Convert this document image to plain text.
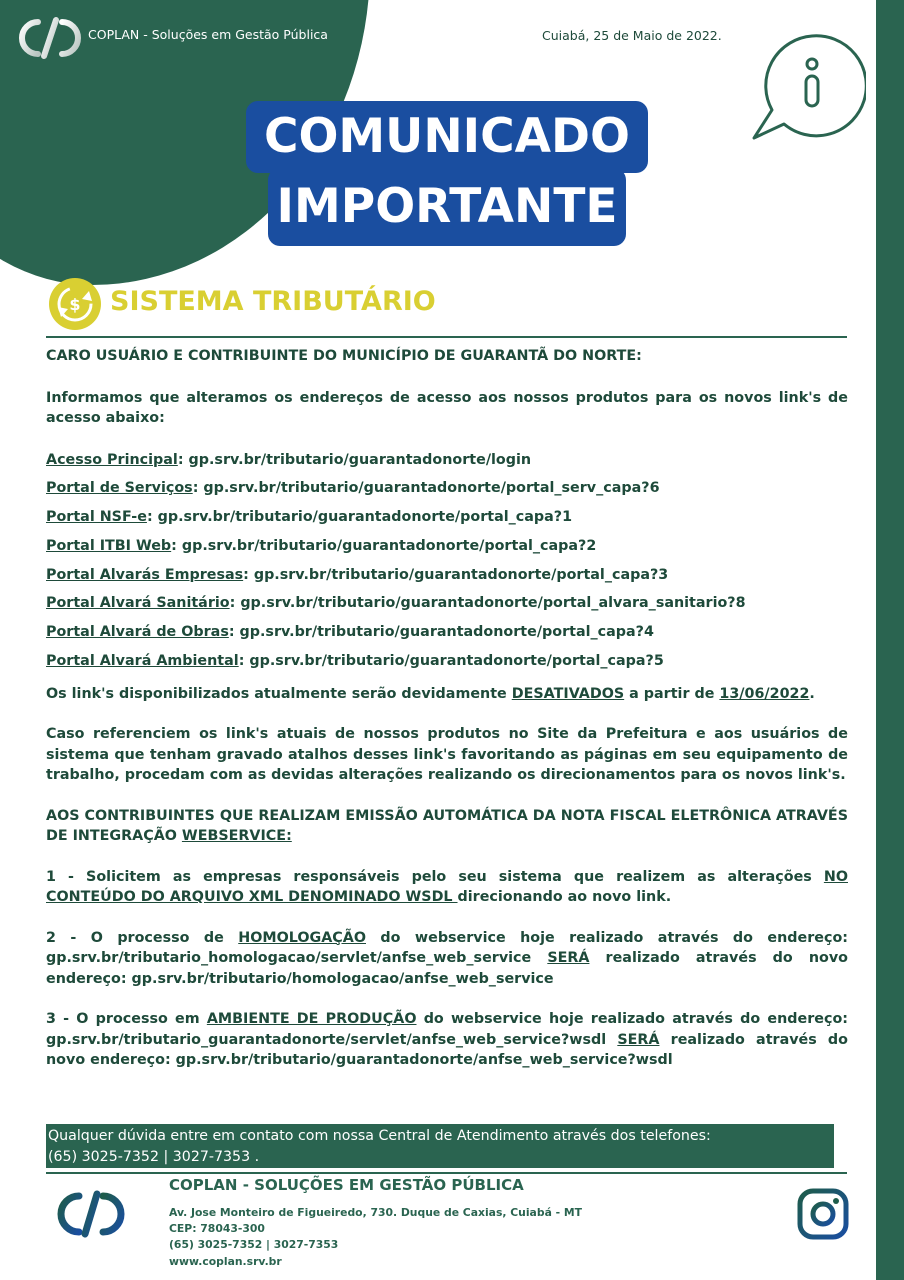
COPLAN - Soluções em Gestão Pública	Cuiabá, 25 de Maio de 2022.
IMPORTANTE
COMUNICADO
$ SISTEMA TRIBUTÁRIO

CARO USUÁRIO E CONTRIBUINTE DO MUNICÍPIO DE GUARANTÃ DO NORTE:

Informamos que alteramos os endereços de acesso aos nossos produtos para os novos link's de acesso abaixo:

Acesso Principal: gp.srv.br/tributario/guarantadonorte/login
Portal de Serviços: gp.srv.br/tributario/guarantadonorte/portal_serv_capa?6
Portal NSF-e: gp.srv.br/tributario/guarantadonorte/portal_capa?1
Portal ITBI Web: gp.srv.br/tributario/guarantadonorte/portal_capa?2
Portal Alvarás Empresas: gp.srv.br/tributario/guarantadonorte/portal_capa?3
Portal Alvará Sanitário: gp.srv.br/tributario/guarantadonorte/portal_alvara_sanitario?8
Portal Alvará de Obras: gp.srv.br/tributario/guarantadonorte/portal_capa?4
Portal Alvará Ambiental: gp.srv.br/tributario/guarantadonorte/portal_capa?5

Os link's disponibilizados atualmente serão devidamente DESATIVADOS a partir de 13/06/2022.

Caso referenciem os link's atuais de nossos produtos no Site da Prefeitura e aos usuários de sistema que tenham gravado atalhos desses link's favoritando as páginas em seu equipamento de trabalho, procedam com as devidas alterações realizando os direcionamentos para os novos link's.

AOS CONTRIBUINTES QUE REALIZAM EMISSÃO AUTOMÁTICA DA NOTA FISCAL ELETRÔNICA ATRAVÉS DE INTEGRAÇÃO WEBSERVICE:

1 - Solicitem as empresas responsáveis pelo seu sistema que realizem as alterações NO CONTEÚDO DO ARQUIVO XML DENOMINADO WSDL direcionando ao novo link.

2 - O processo de HOMOLOGAÇÃO do webservice hoje realizado através do endereço: gp.srv.br/tributario_homologacao/servlet/anfse_web_service SERÁ realizado através do novo endereço: gp.srv.br/tributario/homologacao/anfse_web_service

3 - O processo em AMBIENTE DE PRODUÇÃO do webservice hoje realizado através do endereço: gp.srv.br/tributario_guarantadonorte/servlet/anfse_web_service?wsdl SERÁ realizado através do novo endereço: gp.srv.br/tributario/guarantadonorte/anfse_web_service?wsdl

Qualquer dúvida entre em contato com nossa Central de Atendimento através dos telefones:
(65) 3025-7352 | 3027-7353 .
COPLAN - SOLUÇÕES EM GESTÃO PÚBLICA
Av. Jose Monteiro de Figueiredo, 730. Duque de Caxias, Cuiabá - MT
CEP: 78043-300
(65) 3025-7352 | 3027-7353
www.coplan.srv.br
